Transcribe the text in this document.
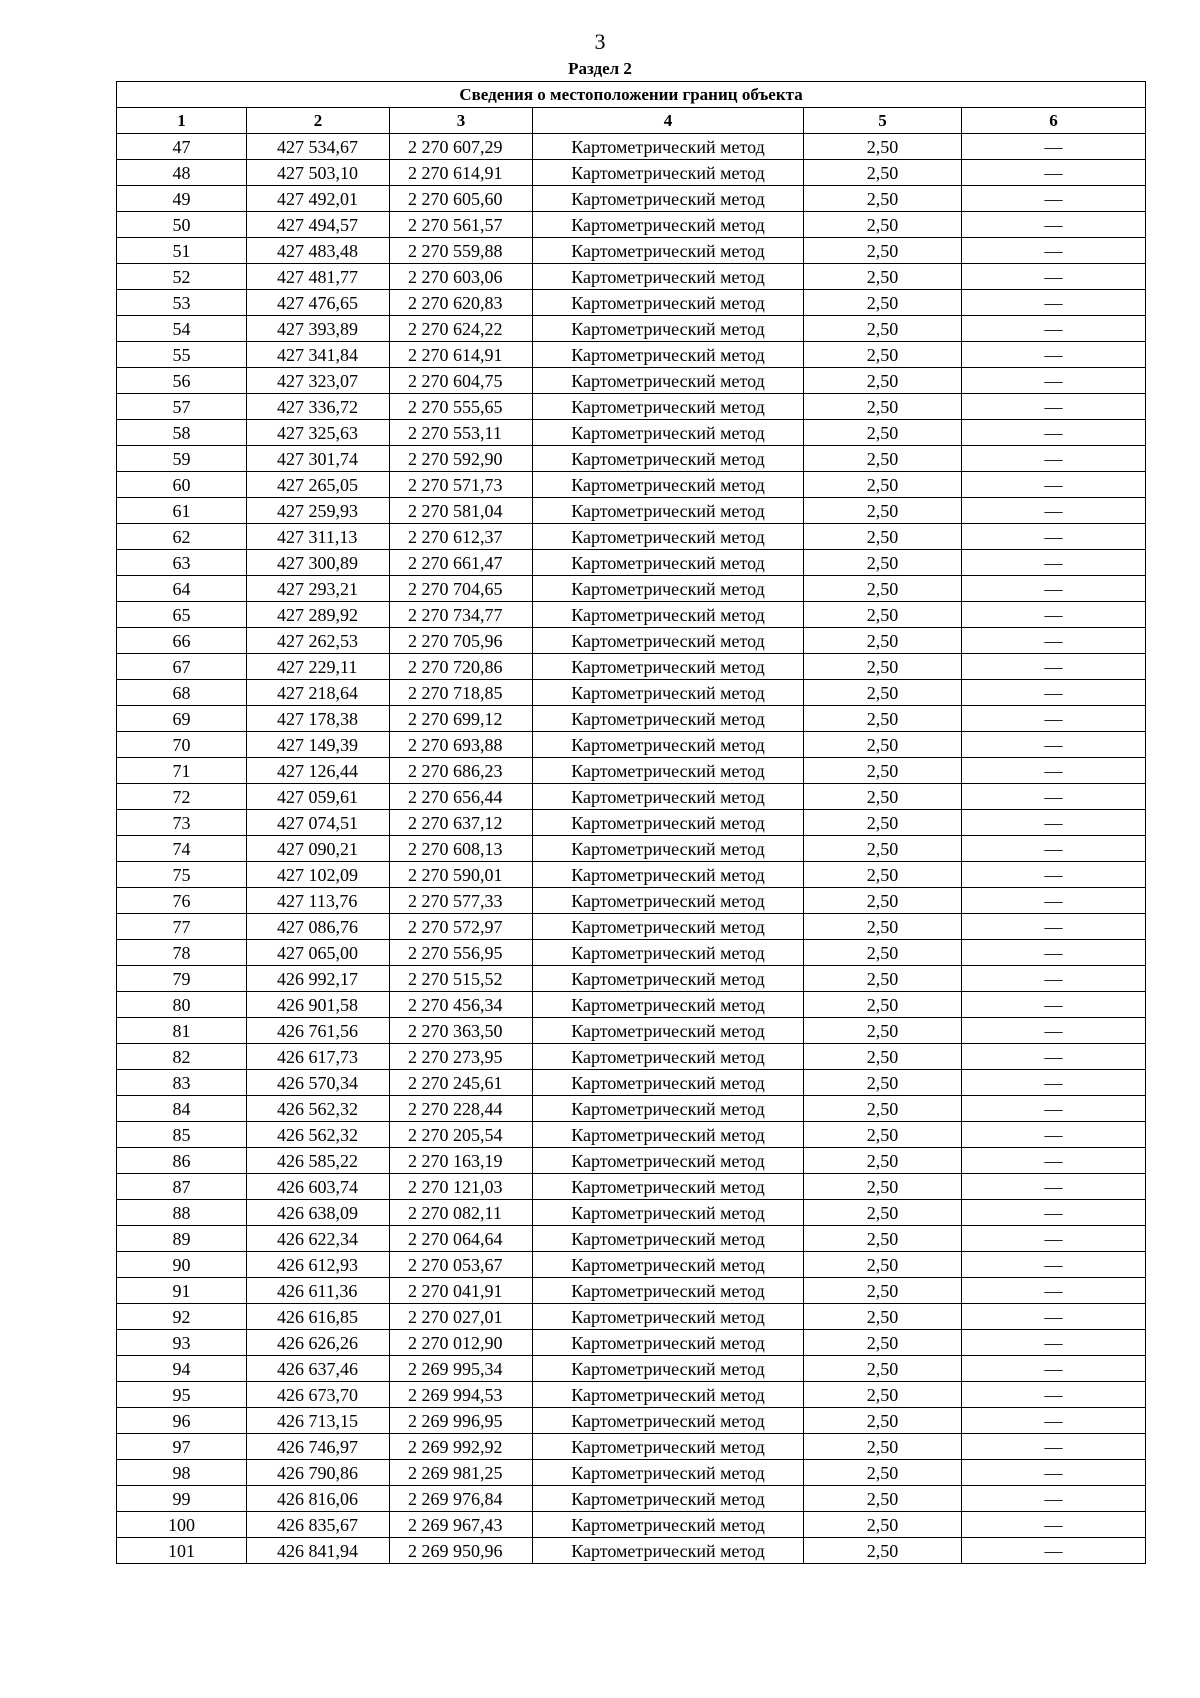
3
Раздел 2
Сведения о местоположении границ объекта					
1	2	3	4	5	6
47	427 534,67	2 270 607,29	Картометрический метод	2,50	—
48	427 503,10	2 270 614,91	Картометрический метод	2,50	—
49	427 492,01	2 270 605,60	Картометрический метод	2,50	—
50	427 494,57	2 270 561,57	Картометрический метод	2,50	—
51	427 483,48	2 270 559,88	Картометрический метод	2,50	—
52	427 481,77	2 270 603,06	Картометрический метод	2,50	—
53	427 476,65	2 270 620,83	Картометрический метод	2,50	—
54	427 393,89	2 270 624,22	Картометрический метод	2,50	—
55	427 341,84	2 270 614,91	Картометрический метод	2,50	—
56	427 323,07	2 270 604,75	Картометрический метод	2,50	—
57	427 336,72	2 270 555,65	Картометрический метод	2,50	—
58	427 325,63	2 270 553,11	Картометрический метод	2,50	—
59	427 301,74	2 270 592,90	Картометрический метод	2,50	—
60	427 265,05	2 270 571,73	Картометрический метод	2,50	—
61	427 259,93	2 270 581,04	Картометрический метод	2,50	—
62	427 311,13	2 270 612,37	Картометрический метод	2,50	—
63	427 300,89	2 270 661,47	Картометрический метод	2,50	—
64	427 293,21	2 270 704,65	Картометрический метод	2,50	—
65	427 289,92	2 270 734,77	Картометрический метод	2,50	—
66	427 262,53	2 270 705,96	Картометрический метод	2,50	—
67	427 229,11	2 270 720,86	Картометрический метод	2,50	—
68	427 218,64	2 270 718,85	Картометрический метод	2,50	—
69	427 178,38	2 270 699,12	Картометрический метод	2,50	—
70	427 149,39	2 270 693,88	Картометрический метод	2,50	—
71	427 126,44	2 270 686,23	Картометрический метод	2,50	—
72	427 059,61	2 270 656,44	Картометрический метод	2,50	—
73	427 074,51	2 270 637,12	Картометрический метод	2,50	—
74	427 090,21	2 270 608,13	Картометрический метод	2,50	—
75	427 102,09	2 270 590,01	Картометрический метод	2,50	—
76	427 113,76	2 270 577,33	Картометрический метод	2,50	—
77	427 086,76	2 270 572,97	Картометрический метод	2,50	—
78	427 065,00	2 270 556,95	Картометрический метод	2,50	—
79	426 992,17	2 270 515,52	Картометрический метод	2,50	—
80	426 901,58	2 270 456,34	Картометрический метод	2,50	—
81	426 761,56	2 270 363,50	Картометрический метод	2,50	—
82	426 617,73	2 270 273,95	Картометрический метод	2,50	—
83	426 570,34	2 270 245,61	Картометрический метод	2,50	—
84	426 562,32	2 270 228,44	Картометрический метод	2,50	—
85	426 562,32	2 270 205,54	Картометрический метод	2,50	—
86	426 585,22	2 270 163,19	Картометрический метод	2,50	—
87	426 603,74	2 270 121,03	Картометрический метод	2,50	—
88	426 638,09	2 270 082,11	Картометрический метод	2,50	—
89	426 622,34	2 270 064,64	Картометрический метод	2,50	—
90	426 612,93	2 270 053,67	Картометрический метод	2,50	—
91	426 611,36	2 270 041,91	Картометрический метод	2,50	—
92	426 616,85	2 270 027,01	Картометрический метод	2,50	—
93	426 626,26	2 270 012,90	Картометрический метод	2,50	—
94	426 637,46	2 269 995,34	Картометрический метод	2,50	—
95	426 673,70	2 269 994,53	Картометрический метод	2,50	—
96	426 713,15	2 269 996,95	Картометрический метод	2,50	—
97	426 746,97	2 269 992,92	Картометрический метод	2,50	—
98	426 790,86	2 269 981,25	Картометрический метод	2,50	—
99	426 816,06	2 269 976,84	Картометрический метод	2,50	—
100	426 835,67	2 269 967,43	Картометрический метод	2,50	—
101	426 841,94	2 269 950,96	Картометрический метод	2,50	—
